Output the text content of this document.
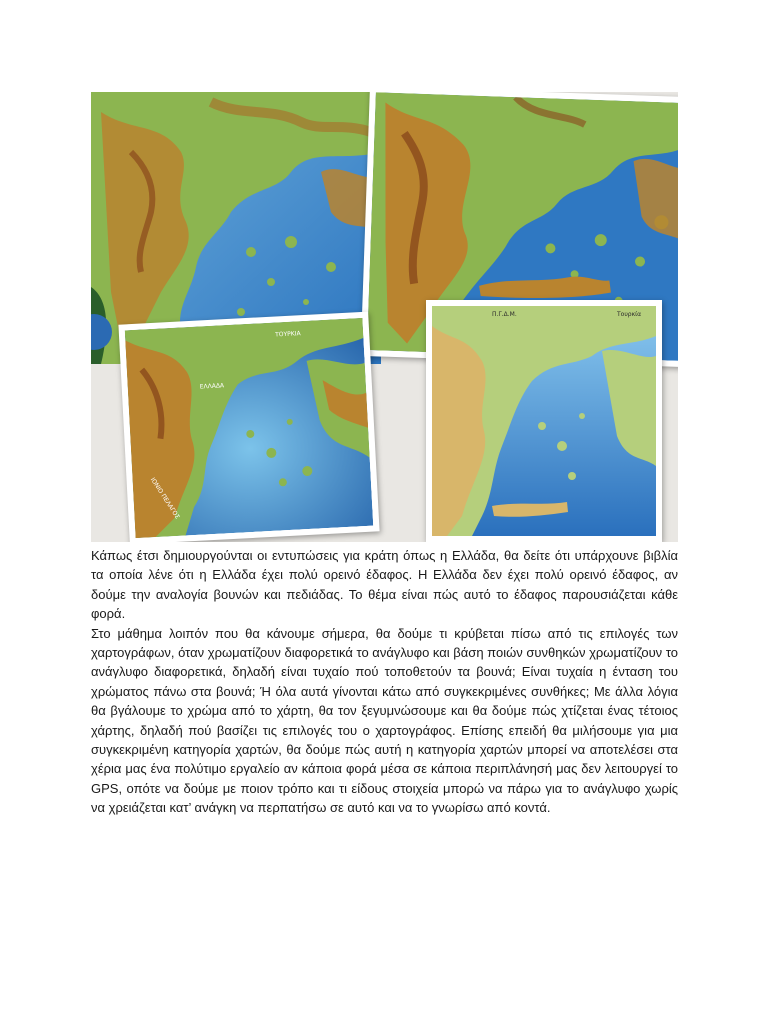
ΤΟΥΡΚΙΑ
ΕΛΛΑΔΑ
ΙΟΝΙΟ ΠΕΛΑΓΟΣ
Π.Γ.Δ.Μ.	Τουρκία

Κάπως έτσι δημιουργούνται οι εντυπώσεις για κράτη όπως η Ελλάδα, θα δείτε ότι υπάρχουνε βιβλία τα οποία λένε ότι η Ελλάδα έχει πολύ ορεινό έδαφος. Η Ελλάδα δεν έχει πολύ ορεινό έδαφος, αν δούμε την αναλογία βουνών και πεδιάδας. Το θέμα είναι πώς αυτό το έδαφος παρουσιάζεται κάθε φορά.

Στο μάθημα λοιπόν που θα κάνουμε σήμερα, θα δούμε τι κρύβεται πίσω από τις επιλογές των χαρτογράφων, όταν χρωματίζουν διαφορετικά το ανάγλυφο και βάση ποιών συνθηκών χρωματίζουν το ανάγλυφο διαφορετικά, δηλαδή είναι τυχαίο πού τοποθετούν τα βουνά; Είναι τυχαία η ένταση του χρώματος πάνω στα βουνά; Ή όλα αυτά γίνονται κάτω από συγκεκριμένες συνθήκες; Με άλλα λόγια θα βγάλουμε το χρώμα από το χάρτη, θα τον ξεγυμνώσουμε και θα δούμε πώς χτίζεται ένας τέτοιος χάρτης, δηλαδή πού βασίζει τις επιλογές του ο χαρτογράφος. Επίσης επειδή θα μιλήσουμε για μια συγκεκριμένη κατηγορία χαρτών, θα δούμε πώς αυτή η κατηγορία χαρτών μπορεί να αποτελέσει στα χέρια μας ένα πολύτιμο εργαλείο αν κάποια φορά μέσα σε κάποια περιπλάνησή μας δεν λειτουργεί το GPS, οπότε να δούμε με ποιον τρόπο και τι είδους στοιχεία μπορώ να πάρω για το ανάγλυφο χωρίς να χρειάζεται κατ’ ανάγκη να περπατήσω σε αυτό και να το γνωρίσω από κοντά.
